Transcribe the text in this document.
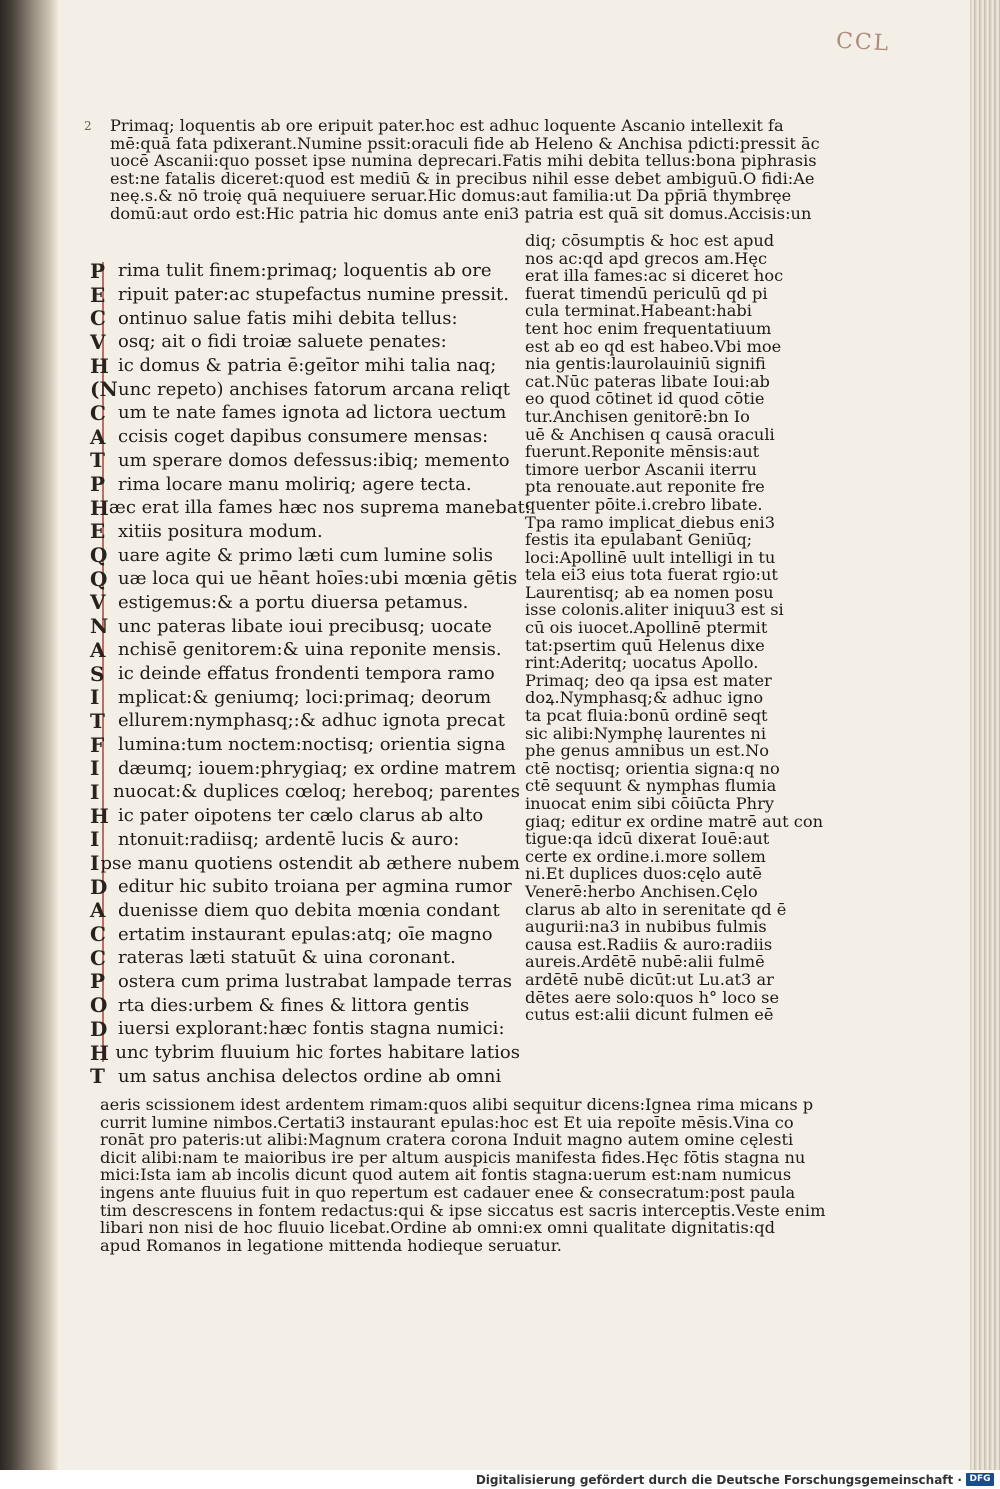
CCL
2 Primaq; loquentis ab ore eripuit pater.hoc est adhuc loquente Ascanio intellexit fa
mē:quā fata pdixerant.Numine pssit:oraculi fide ab Heleno & Anchisa pdicti:pressit āc
uocē Ascanii:quo posset ipse numina deprecari.Fatis mihi debita tellus:bona piphrasis
est:ne fatalis diceret:quod est mediū & in precibus nihil esse debet ambiguū.O fidi:Ae
neę.s.& nō troię quā nequiuere seruar.Hic domus:aut familia:ut Da pp̄riā thymbręe
domū:aut ordo est:Hic patria hic domus ante eni3 patria est quā sit domus.Accisis:un
diq; cōsumptis & hoc est apud
nos ac:qd apd grecos am.Hęc
erat illa fames:ac si diceret hoc
fuerat timendū periculū qd pi
cula terminat.Habeant:habi
tent hoc enim frequentatiuum
est ab eo qd est habeo.Vbi moe
nia gentis:laurolauiniū signifi
cat.Nūc pateras libate Ioui:ab
eo quod cōtinet id quod cōtie
tur.Anchisen genitorē:bn Io
uē & Anchisen q causā oraculi
fuerunt.Reponite mēnsis:aut
timore uerbor Ascanii iterru
pta renouate.aut reponite fre
quenter pōite.i.crebro libate.
Tpa ramo implicat diebus eni3
festis ita epulabant̄ Geniūq;
loci:Apollinē uult intelligi in tu
tela ei3 eius tota fuerat rgio:ut
Laurentisq; ab ea nomen posu
isse colonis.aliter iniquu3 est si
cū ois iuocet.Apollinē ptermit
tat:psertim quū Helenus dixe
rint:Aderitq; uocatus Apollo.
Primaq; deo qa ipsa est mater
doꝝ.Nymphasq;& adhuc igno
ta pcat fluia:bonū ordinē seqt
sic alibi:Nymphę laurentes ni
phe genus amnibus un est.No
ctē noctisq; orientia signa:q no
ctē sequunt & nymphas flumia
inuocat enim sibi cōiūcta Phry
giaq; editur ex ordine matrē aut con
tigue:qa idcū dixerat Iouē:aut
certe ex ordine.i.more sollem
ni.Et duplices duos:cęlo autē
Venerē:herbo Anchisen.Cęlo
clarus ab alto in serenitate qd ē
augurii:na3 in nubibus fulmis
causa est.Radiis & auro:radiis
aureis.Ardētē nubē:alii fulmē
ardētē nubē dicūt:ut Lu.at3 ar
dētes aere solo:quos h° loco se
cutus est:alii dicunt fulmen eē
P rima tulit finem:primaq; loquentis ab ore
E ripuit pater:ac stupefactus numine pressit.
C ontinuo salue fatis mihi debita tellus:
V osq; ait o fidi troiæ saluete penates:
H ic domus & patria ē:geītor mihi talia naq;
(N unc repeto) anchises fatorum arcana reliqt
C um te nate fames ignota ad lictora uectum
A ccisis coget dapibus consumere mensas:
T um sperare domos defessus:ibiq; memento
P rima locare manu moliriq; agere tecta.
H æc erat illa fames hæc nos suprema manebat:
E xitiis positura modum.
Q uare agite & primo læti cum lumine solis
Q uæ loca qui ue hēant hoīes:ubi mœnia gētis
V estigemus:& a portu diuersa petamus.
N unc pateras libate ioui precibusq; uocate
A nchisē genitorem:& uina reponite mensis.
S ic deinde effatus frondenti tempora ramo
I	mplicat:& geniumq; loci:primaq; deorum
T ellurem:nymphasq;:& adhuc ignota precat
F lumina:tum noctem:noctisq; orientia signa
I	dæumq; iouem:phrygiaq; ex ordine matrem
I nuocat:& duplices cœloq; hereboq; parentes
H ic pater oipotens ter cælo clarus ab alto
I	ntonuit:radiisq; ardentē lucis & auro:
I pse manu quotiens ostendit ab æthere nubem
D editur hic subito troiana per agmina rumor
A duenisse diem quo debita mœnia condant
C ertatim instaurant epulas:atq; oīe magno
C rateras læti statuūt & uina coronant.
P ostera cum prima lustrabat lampade terras
O rta dies:urbem & fines & littora gentis
D iuersi explorant:hæc fontis stagna numici:
H unc tybrim fluuium hic fortes habitare latios
T um satus anchisa delectos ordine ab omni
aeris scissionem idest ardentem rimam:quos alibi sequitur dicens:Ignea rima micans p
currit lumine nimbos.Certati3 instaurant epulas:hoc est Et uia repoīte mēsis.Vina co
ronāt pro pateris:ut alibi:Magnum cratera corona Induit magno autem omine cęlesti
dicit alibi:nam te maioribus ire per altum auspicis manifesta fides.Hęc fōtis stagna nu
mici:Ista iam ab incolis dicunt quod autem ait fontis stagna:uerum est:nam numicus
ingens ante fluuius fuit in quo repertum est cadauer enee & consecratum:post paula
tim descrescens in fontem redactus:qui & ipse siccatus est sacris interceptis.Veste enim
libari non nisi de hoc fluuio licebat.Ordine ab omni:ex omni qualitate dignitatis:qd
apud Romanos in legatione mittenda hodieque seruatur.
Digitalisierung gefördert durch die Deutsche Forschungsgemeinschaft · DFG
